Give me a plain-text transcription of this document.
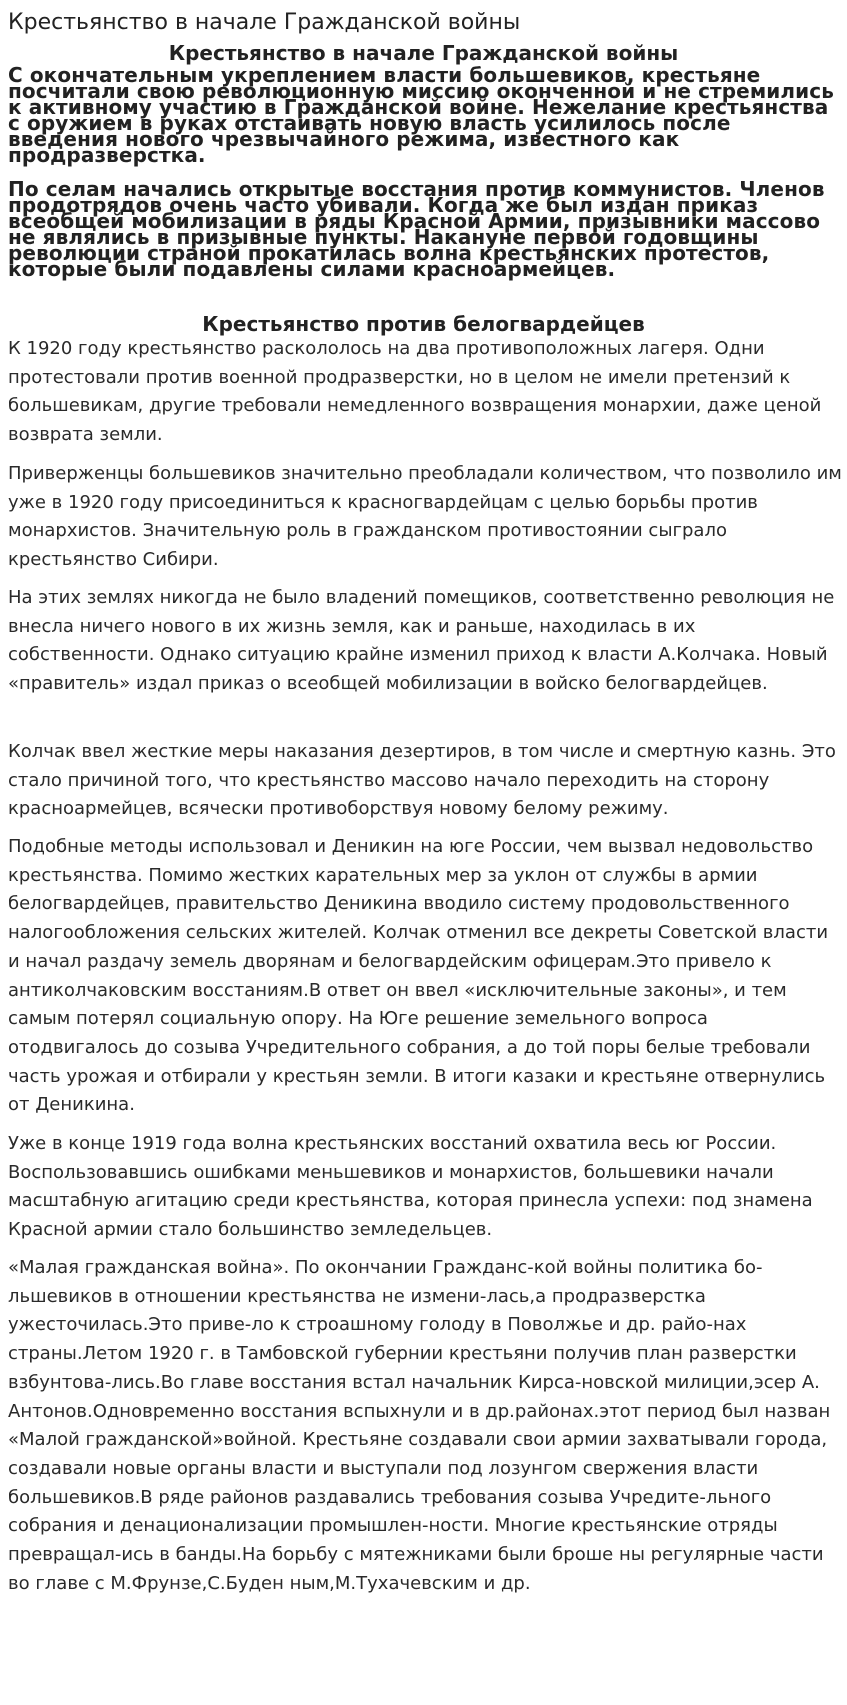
Крестьянство в начале Гражданской войны
Крестьянство в начале Гражданской войны

С окончательным укреплением власти большевиков, крестьяне посчитали свою революционную миссию оконченной и не стремились к активному участию в Гражданской войне. Нежелание крестьянства с оружием в руках отстаивать новую власть усилилось после введения нового чрезвычайного режима, известного как продразверстка.

По селам начались открытые восстания против коммунистов. Членов продотрядов очень часто убивали. Когда же был издан приказ всеобщей мобилизации в ряды Красной Армии, призывники массово не являлись в призывные пункты. Накануне первой годовщины революции страной прокатилась волна крестьянских протестов, которые были подавлены силами красноармейцев.

Крестьянство против белогвардейцев

К 1920 году крестьянство раскололось на два противоположных лагеря. Одни протестовали против военной продразверстки, но в целом не имели претензий к большевикам, другие требовали немедленного возвращения монархии, даже ценой возврата земли.

Приверженцы большевиков значительно преобладали количеством, что позволило им уже в 1920 году присоединиться к красногвардейцам с целью борьбы против монархистов. Значительную роль в гражданском противостоянии сыграло крестьянство Сибири.

На этих землях никогда не было владений помещиков, соответственно революция не внесла ничего нового в их жизнь земля, как и раньше, находилась в их собственности. Однако ситуацию крайне изменил приход к власти А.Колчака. Новый «правитель» издал приказ о всеобщей мобилизации в войско белогвардейцев.

Колчак ввел жесткие меры наказания дезертиров, в том числе и смертную казнь. Это стало причиной того, что крестьянство массово начало переходить на сторону красноармейцев, всячески противоборствуя новому белому режиму.

Подобные методы использовал и Деникин на юге России, чем вызвал недовольство крестьянства. Помимо жестких карательных мер за уклон от службы в армии белогвардейцев, правительство Деникина вводило систему продовольственного налогообложения сельских жителей. Колчак отменил все декреты Советской власти и начал раздачу земель дворянам и белогвардейским офицерам.Это привело к антиколчаковским восстаниям.В ответ он ввел «исключительные законы», и тем самым потерял социальную опору. На Юге решение земельного вопроса отодвигалось до созыва Учредительного собрания, а до той поры белые требовали часть урожая и отбирали у крестьян земли. В итоги казаки и крестьяне отвернулись от Деникина.

Уже в конце 1919 года волна крестьянских восстаний охватила весь юг России. Воспользовавшись ошибками меньшевиков и монархистов, большевики начали масштабную агитацию среди крестьянства, которая принесла успехи: под знамена Красной армии стало большинство земледельцев.

«Малая гражданская война». По окончании Гражданс-кой войны политика бо-льшевиков в отношении крестьянства не измени-лась,а продразверстка ужесточилась.Это приве-ло к строашному голоду в Поволжье и др. райо-нах страны.Летом 1920 г. в Тамбовской губернии крестьяни получив план разверстки взбунтова-лись.Во главе восстания встал начальник Кирса-новской милиции,эсер А. Антонов.Одновременно восстания вспыхнули и в др.районах.этот период был назван «Малой гражданской»войной. Крестьяне создавали свои армии захватывали города, создавали новые органы власти и выступали под лозунгом свержения власти большевиков.В ряде районов раздавались требования созыва Учредите-льного собрания и денационализации промышлен-ности. Многие крестьянские отряды превращал-ись в банды.На борьбу с мятежниками были броше ны регулярные части во главе с М.Фрунзе,С.Буден ным,М.Тухачевским и др.
